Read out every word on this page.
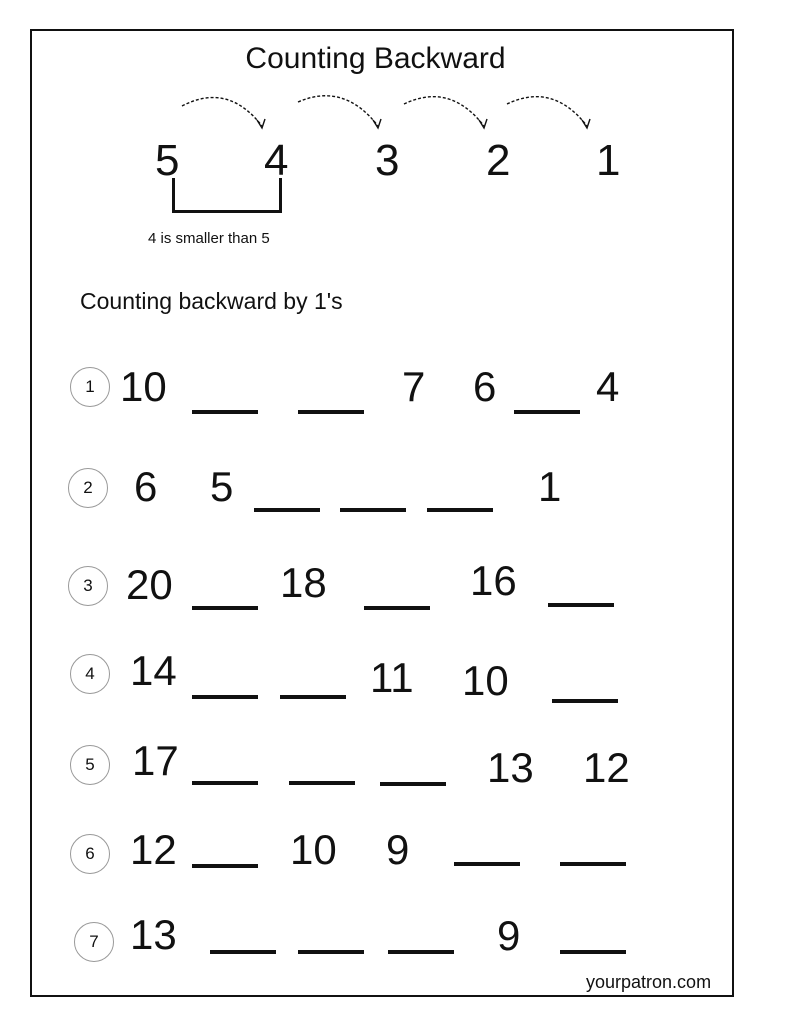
Counting Backward
5 4 3 2 1
4 is smaller than 5
Counting backward by 1's
1 10	7 6 4
2 6 5	1
3 20	18	16
4 14	11 10
5 17	13 12
6 12	10 9
7 13	9
yourpatron.com
